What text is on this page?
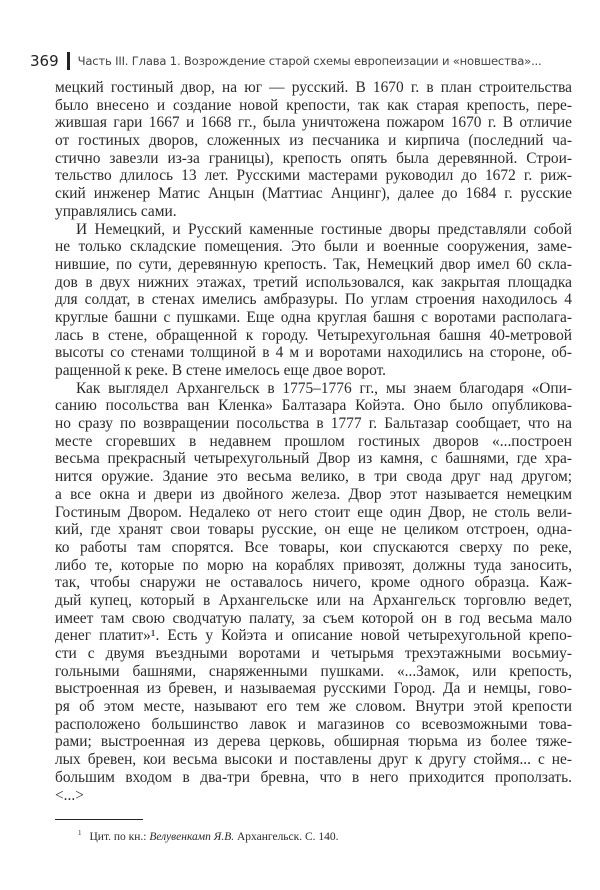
369 Часть III. Глава 1. Возрождение старой схемы европеизации и «новшества»...
мецкий гостиный двор, на юг — русский. В 1670 г. в план строительства
было внесено и создание новой крепости, так как старая крепость, пере-
жившая гари 1667 и 1668 гг., была уничтожена пожаром 1670 г. В отличие
от гостиных дворов, сложенных из песчаника и кирпича (последний ча-
стично завезли из-за границы), крепость опять была деревянной. Строи-
тельство длилось 13 лет. Русскими мастерами руководил до 1672 г. риж-
ский инженер Матис Анцын (Маттиас Анцинг), далее до 1684 г. русские
управлялись сами.
И Немецкий, и Русский каменные гостиные дворы представляли собой
не только складские помещения. Это были и военные сооружения, заме-
нившие, по сути, деревянную крепость. Так, Немецкий двор имел 60 скла-
дов в двух нижних этажах, третий использовался, как закрытая площадка
для солдат, в стенах имелись амбразуры. По углам строения находилось 4
круглые башни с пушками. Еще одна круглая башня с воротами располага-
лась в стене, обращенной к городу. Четырехугольная башня 40-метровой
высоты со стенами толщиной в 4 м и воротами находились на стороне, об-
ращенной к реке. В стене имелось еще двое ворот.
Как выглядел Архангельск в 1775–1776 гг., мы знаем благодаря «Опи-
санию посольства ван Кленка» Балтазара Койэта. Оно было опубликова-
но сразу по возвращении посольства в 1777 г. Бальтазар сообщает, что на
месте сгоревших в недавнем прошлом гостиных дворов «...построен
весьма прекрасный четырехугольный Двор из камня, с башнями, где хра-
нится оружие. Здание это весьма велико, в три свода друг над другом;
а все окна и двери из двойного железа. Двор этот называется немецким
Гостиным Двором. Недалеко от него стоит еще один Двор, не столь вели-
кий, где хранят свои товары русские, он еще не целиком отстроен, одна-
ко работы там спорятся. Все товары, кои спускаются сверху по реке,
либо те, которые по морю на кораблях привозят, должны туда заносить,
так, чтобы снаружи не оставалось ничего, кроме одного образца. Каж-
дый купец, который в Архангельске или на Архангельск торговлю ведет,
имеет там свою сводчатую палату, за съем которой он в год весьма мало
денег платит»¹. Есть у Койэта и описание новой четырехугольной крепо-
сти с двумя въездными воротами и четырьмя трехэтажными восьмиу-
гольными башнями, снаряженными пушками. «...Замок, или крепость,
выстроенная из бревен, и называемая русскими Город. Да и немцы, гово-
ря об этом месте, называют его тем же словом. Внутри этой крепости
расположено большинство лавок и магазинов со всевозможными това-
рами; выстроенная из дерева церковь, обширная тюрьма из более тяже-
лых бревен, кои весьма высоки и поставлены друг к другу стоймя... с не-
большим входом в два-три бревна, что в него приходится проползать.
<...>
$^1$ Цит. по кн.: Велувенкамп Я.В. Архангельск. С. 140.
